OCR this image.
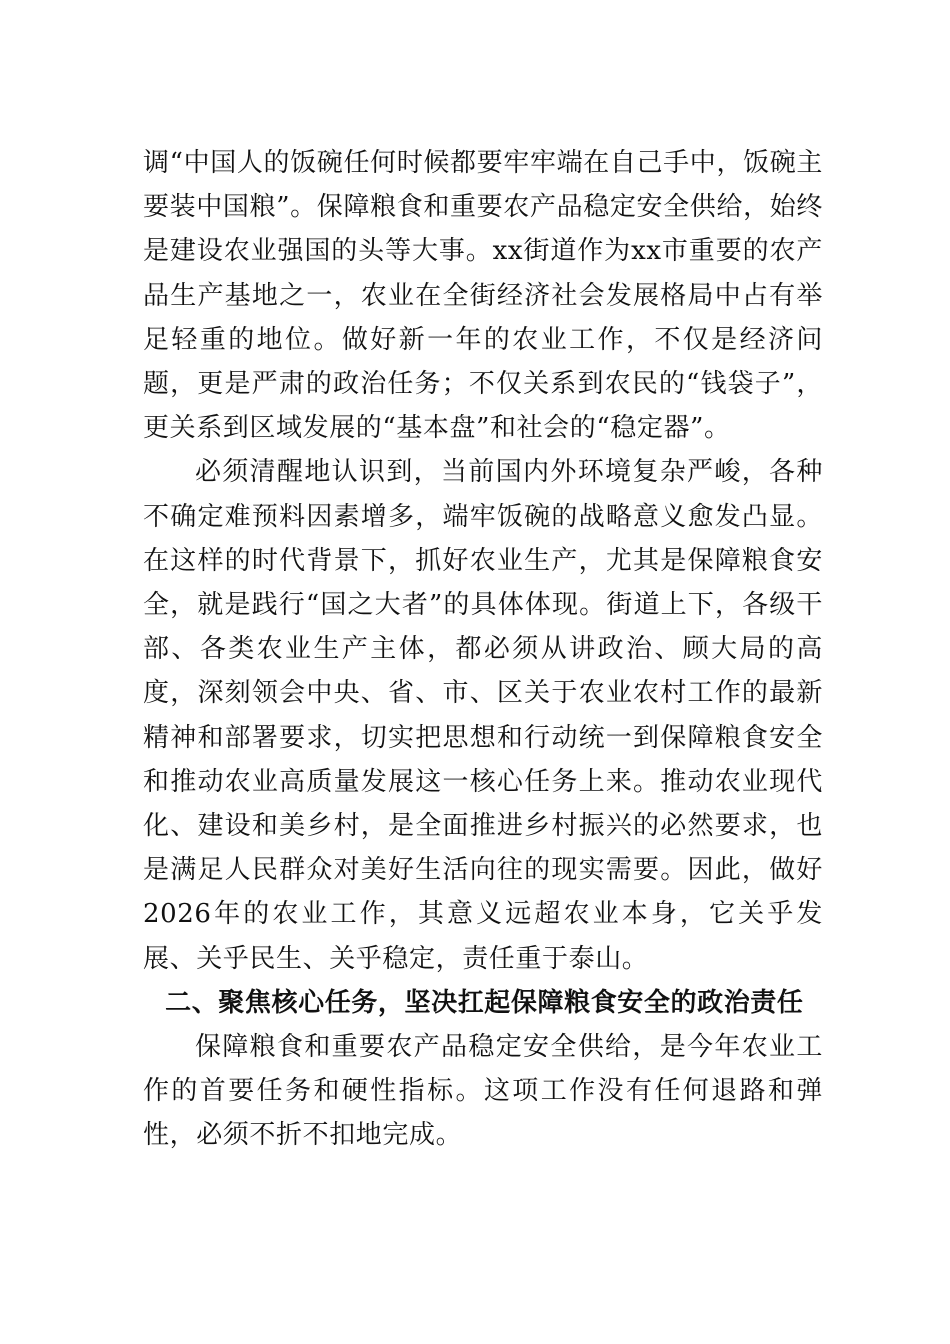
调“中国人的饭碗任何时候都要牢牢端在自己手中，饭碗主要装中国粮”。保障粮食和重要农产品稳定安全供给，始终是建设农业强国的头等大事。xx街道作为xx市重要的农产品生产基地之一，农业在全街经济社会发展格局中占有举足轻重的地位。做好新一年的农业工作，不仅是经济问题，更是严肃的政治任务；不仅关系到农民的“钱袋子”，更关系到区域发展的“基本盘”和社会的“稳定器”。

必须清醒地认识到，当前国内外环境复杂严峻，各种不确定难预料因素增多，端牢饭碗的战略意义愈发凸显。在这样的时代背景下，抓好农业生产，尤其是保障粮食安全，就是践行“国之大者”的具体体现。街道上下，各级干部、各类农业生产主体，都必须从讲政治、顾大局的高度，深刻领会中央、省、市、区关于农业农村工作的最新精神和部署要求，切实把思想和行动统一到保障粮食安全和推动农业高质量发展这一核心任务上来。推动农业现代化、建设和美乡村，是全面推进乡村振兴的必然要求，也是满足人民群众对美好生活向往的现实需要。因此，做好2026年的农业工作，其意义远超农业本身，它关乎发展、关乎民生、关乎稳定，责任重于泰山。

二、聚焦核心任务，坚决扛起保障粮食安全的政治责任

保障粮食和重要农产品稳定安全供给，是今年农业工作的首要任务和硬性指标。这项工作没有任何退路和弹性，必须不折不扣地完成。
